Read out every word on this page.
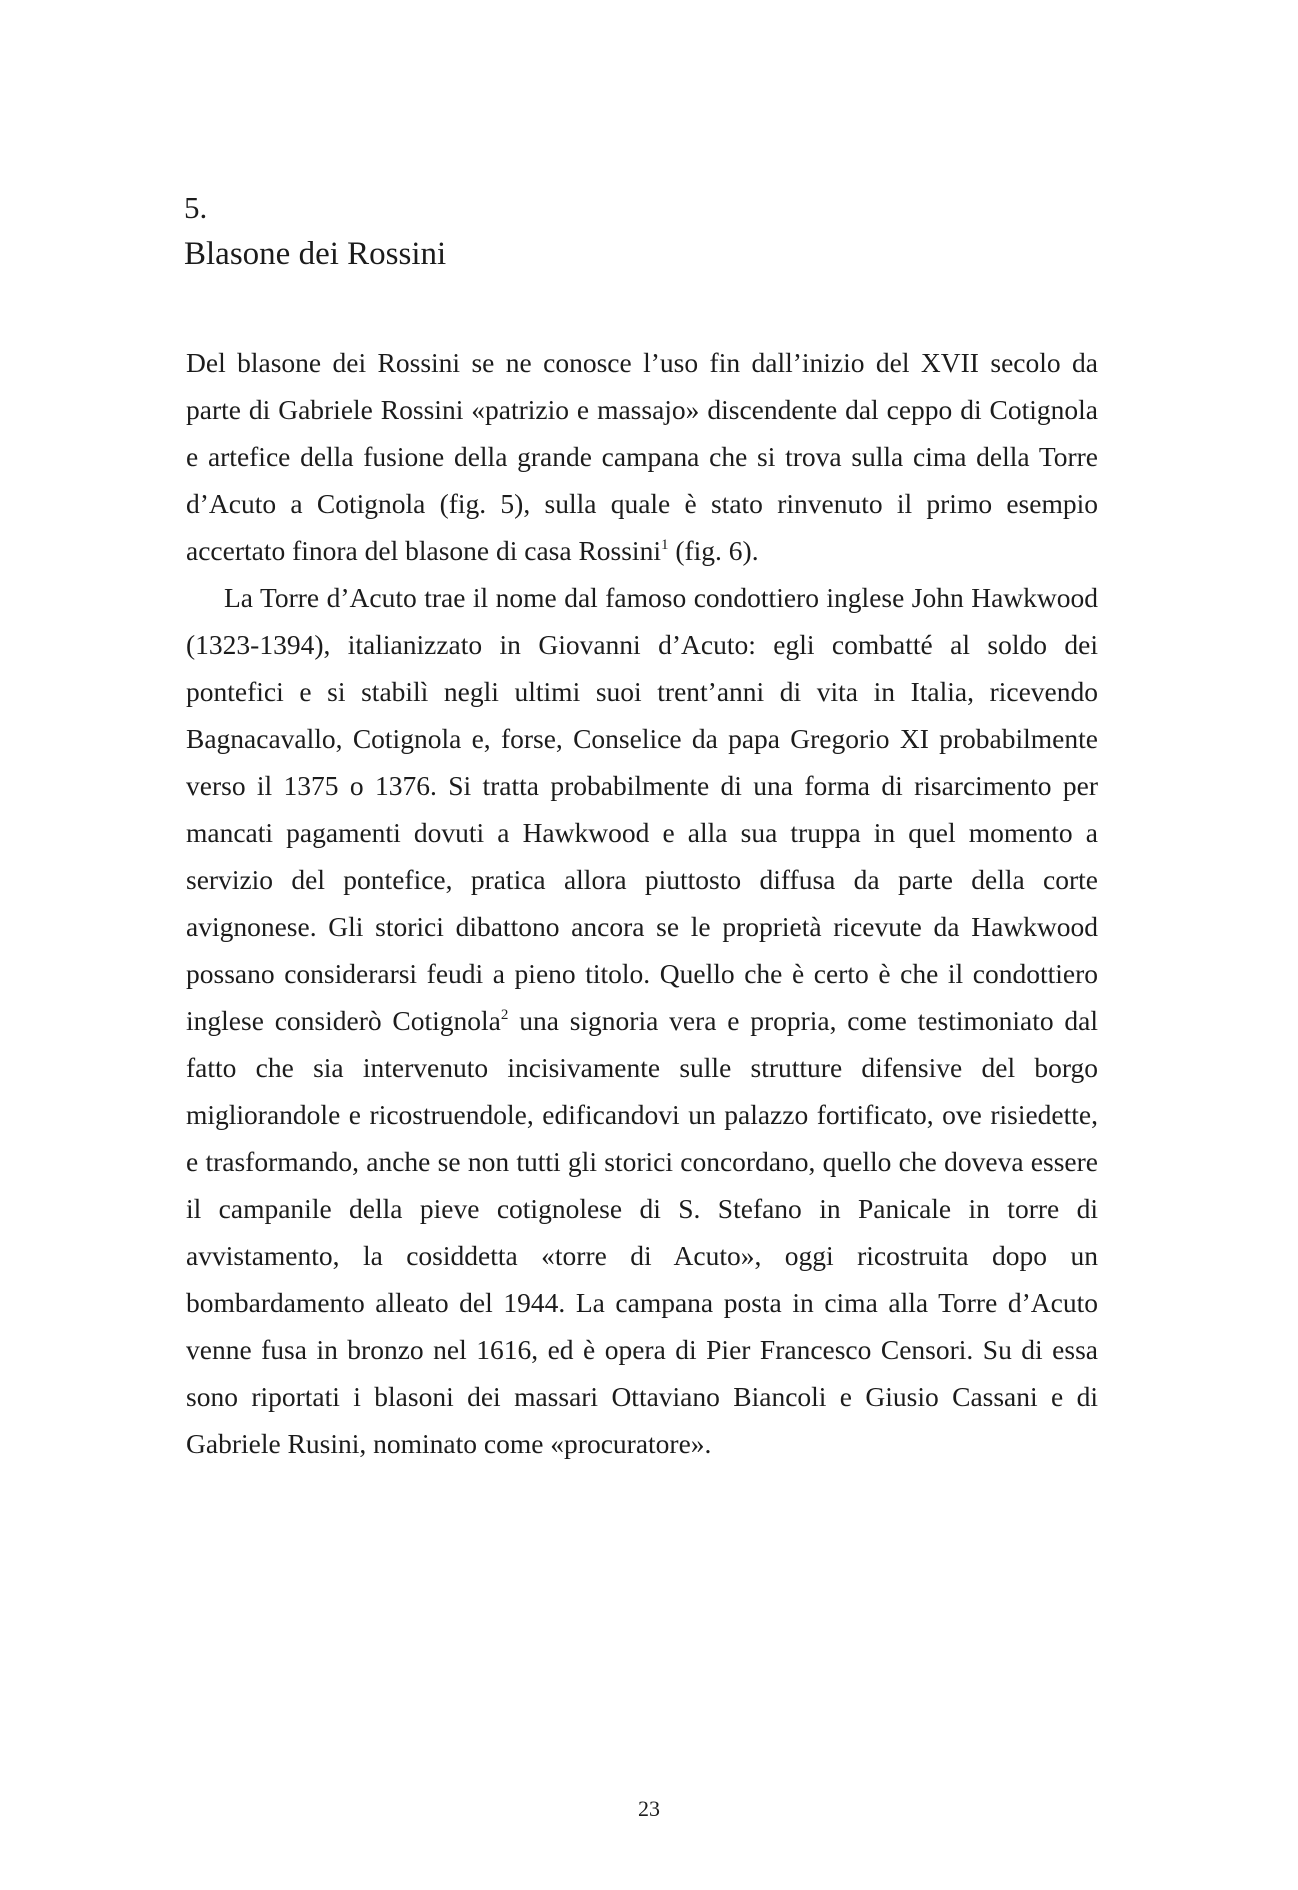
5.
Blasone dei Rossini

Del blasone dei Rossini se ne conosce l’uso fin dall’inizio del XVII secolo da parte di Gabriele Rossini «patrizio e massajo» discendente dal ceppo di Cotignola e artefice della fusione della grande campana che si trova sulla cima della Torre d’Acuto a Cotignola (fig. 5), sulla quale è stato rinvenuto il primo esempio accertato finora del blasone di casa Rossini$^1$ (fig. 6).

La Torre d’Acuto trae il nome dal famoso condottiero inglese John Hawkwood (1323-1394), italianizzato in Giovanni d’Acuto: egli combatté al soldo dei pontefici e si stabilì negli ultimi suoi trent’anni di vita in Italia, ricevendo Bagnacavallo, Cotignola e, forse, Conselice da papa Gregorio XI probabilmente verso il 1375 o 1376. Si tratta probabilmente di una forma di risarcimento per mancati pagamenti dovuti a Hawkwood e alla sua truppa in quel momento a servizio del pontefice, pratica allora piuttosto diffusa da parte della corte avignonese. Gli storici dibattono ancora se le proprietà ricevute da Hawkwood possano considerarsi feudi a pieno titolo. Quello che è certo è che il condottiero inglese considerò Cotignola$^2$ una signoria vera e propria, come testimoniato dal fatto che sia intervenuto incisivamente sulle strutture difensive del borgo migliorandole e ricostruendole, edificandovi un palazzo fortificato, ove risiedette, e trasformando, anche se non tutti gli storici concordano, quello che doveva essere il campanile della pieve cotignolese di S. Stefano in Panicale in torre di avvistamento, la cosiddetta «torre di Acuto», oggi ricostruita dopo un bombardamento alleato del 1944. La campana posta in cima alla Torre d’Acuto venne fusa in bronzo nel 1616, ed è opera di Pier Francesco Censori. Su di essa sono riportati i blasoni dei massari Ottaviano Biancoli e Giusio Cassani e di Gabriele Rusini, nominato come «procuratore».

23
